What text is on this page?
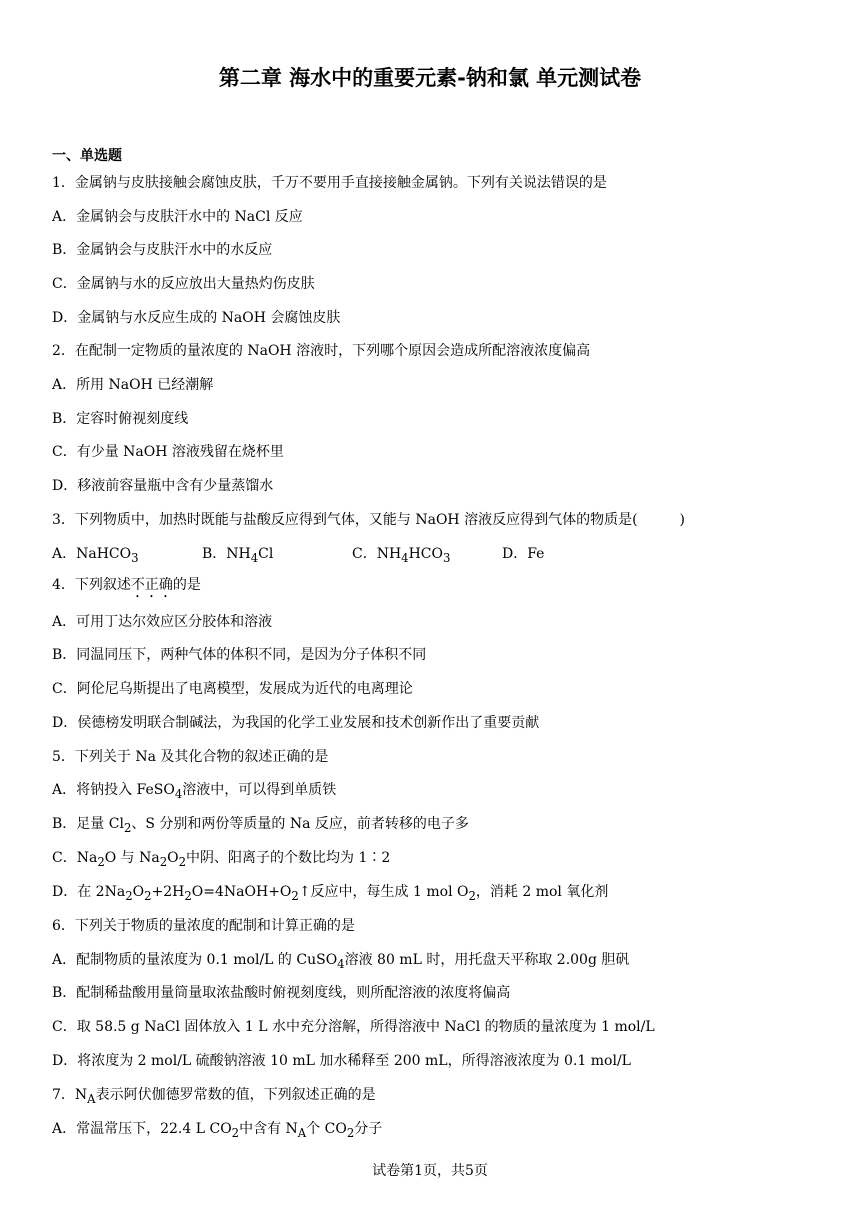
第二章 海水中的重要元素-钠和氯 单元测试卷
一、单选题
1．金属钠与皮肤接触会腐蚀皮肤，千万不要用手直接接触金属钠。下列有关说法错误的是
A．金属钠会与皮肤汗水中的 NaCl 反应
B．金属钠会与皮肤汗水中的水反应
C．金属钠与水的反应放出大量热灼伤皮肤
D．金属钠与水反应生成的 NaOH 会腐蚀皮肤
2．在配制一定物质的量浓度的 NaOH 溶液时，下列哪个原因会造成所配溶液浓度偏高
A．所用 NaOH 已经潮解
B．定容时俯视刻度线
C．有少量 NaOH 溶液残留在烧杯里
D．移液前容量瓶中含有少量蒸馏水
3．下列物质中，加热时既能与盐酸反应得到气体，又能与 NaOH 溶液反应得到气体的物质是(　　　)
A．NaHCO$_3$	B．$NH_4Cl$	C．$NH_4HCO_3$	D．Fe
4．下列叙述不正确的是
A．可用丁达尔效应区分胶体和溶液
B．同温同压下，两种气体的体积不同，是因为分子体积不同
C．阿伦尼乌斯提出了电离模型，发展成为近代的电离理论
D．侯德榜发明联合制碱法，为我国的化学工业发展和技术创新作出了重要贡献
5．下列关于 Na 及其化合物的叙述正确的是
A．将钠投入 FeSO$_4$溶液中，可以得到单质铁
B．足量 $Cl_2$、S 分别和两份等质量的 Na 反应，前者转移的电子多
C．$Na_2O$ 与 $Na_2O_2$中阴、阳离子的个数比均为 1∶2
D．在 $2Na_2O_2+2H_2O=4NaOH+O_2↑$反应中，每生成 1 mol $O_2$，消耗 2 mol 氧化剂
6．下列关于物质的量浓度的配制和计算正确的是
A．配制物质的量浓度为 0.1 mol/L 的 CuSO$_4$溶液 80 mL 时，用托盘天平称取 2.00g 胆矾
B．配制稀盐酸用量筒量取浓盐酸时俯视刻度线，则所配溶液的浓度将偏高
C．取 58.5 g NaCl 固体放入 1 L 水中充分溶解，所得溶液中 NaCl 的物质的量浓度为 1 mol/L
D．将浓度为 2 mol/L 硫酸钠溶液 10 mL 加水稀释至 200 mL，所得溶液浓度为 0.1 mol/L
7．$N_A$表示阿伏伽德罗常数的值，下列叙述正确的是
A．常温常压下，22.4 L $CO_2$中含有 $N_A$个 $CO_2$分子
试卷第1页，共5页
